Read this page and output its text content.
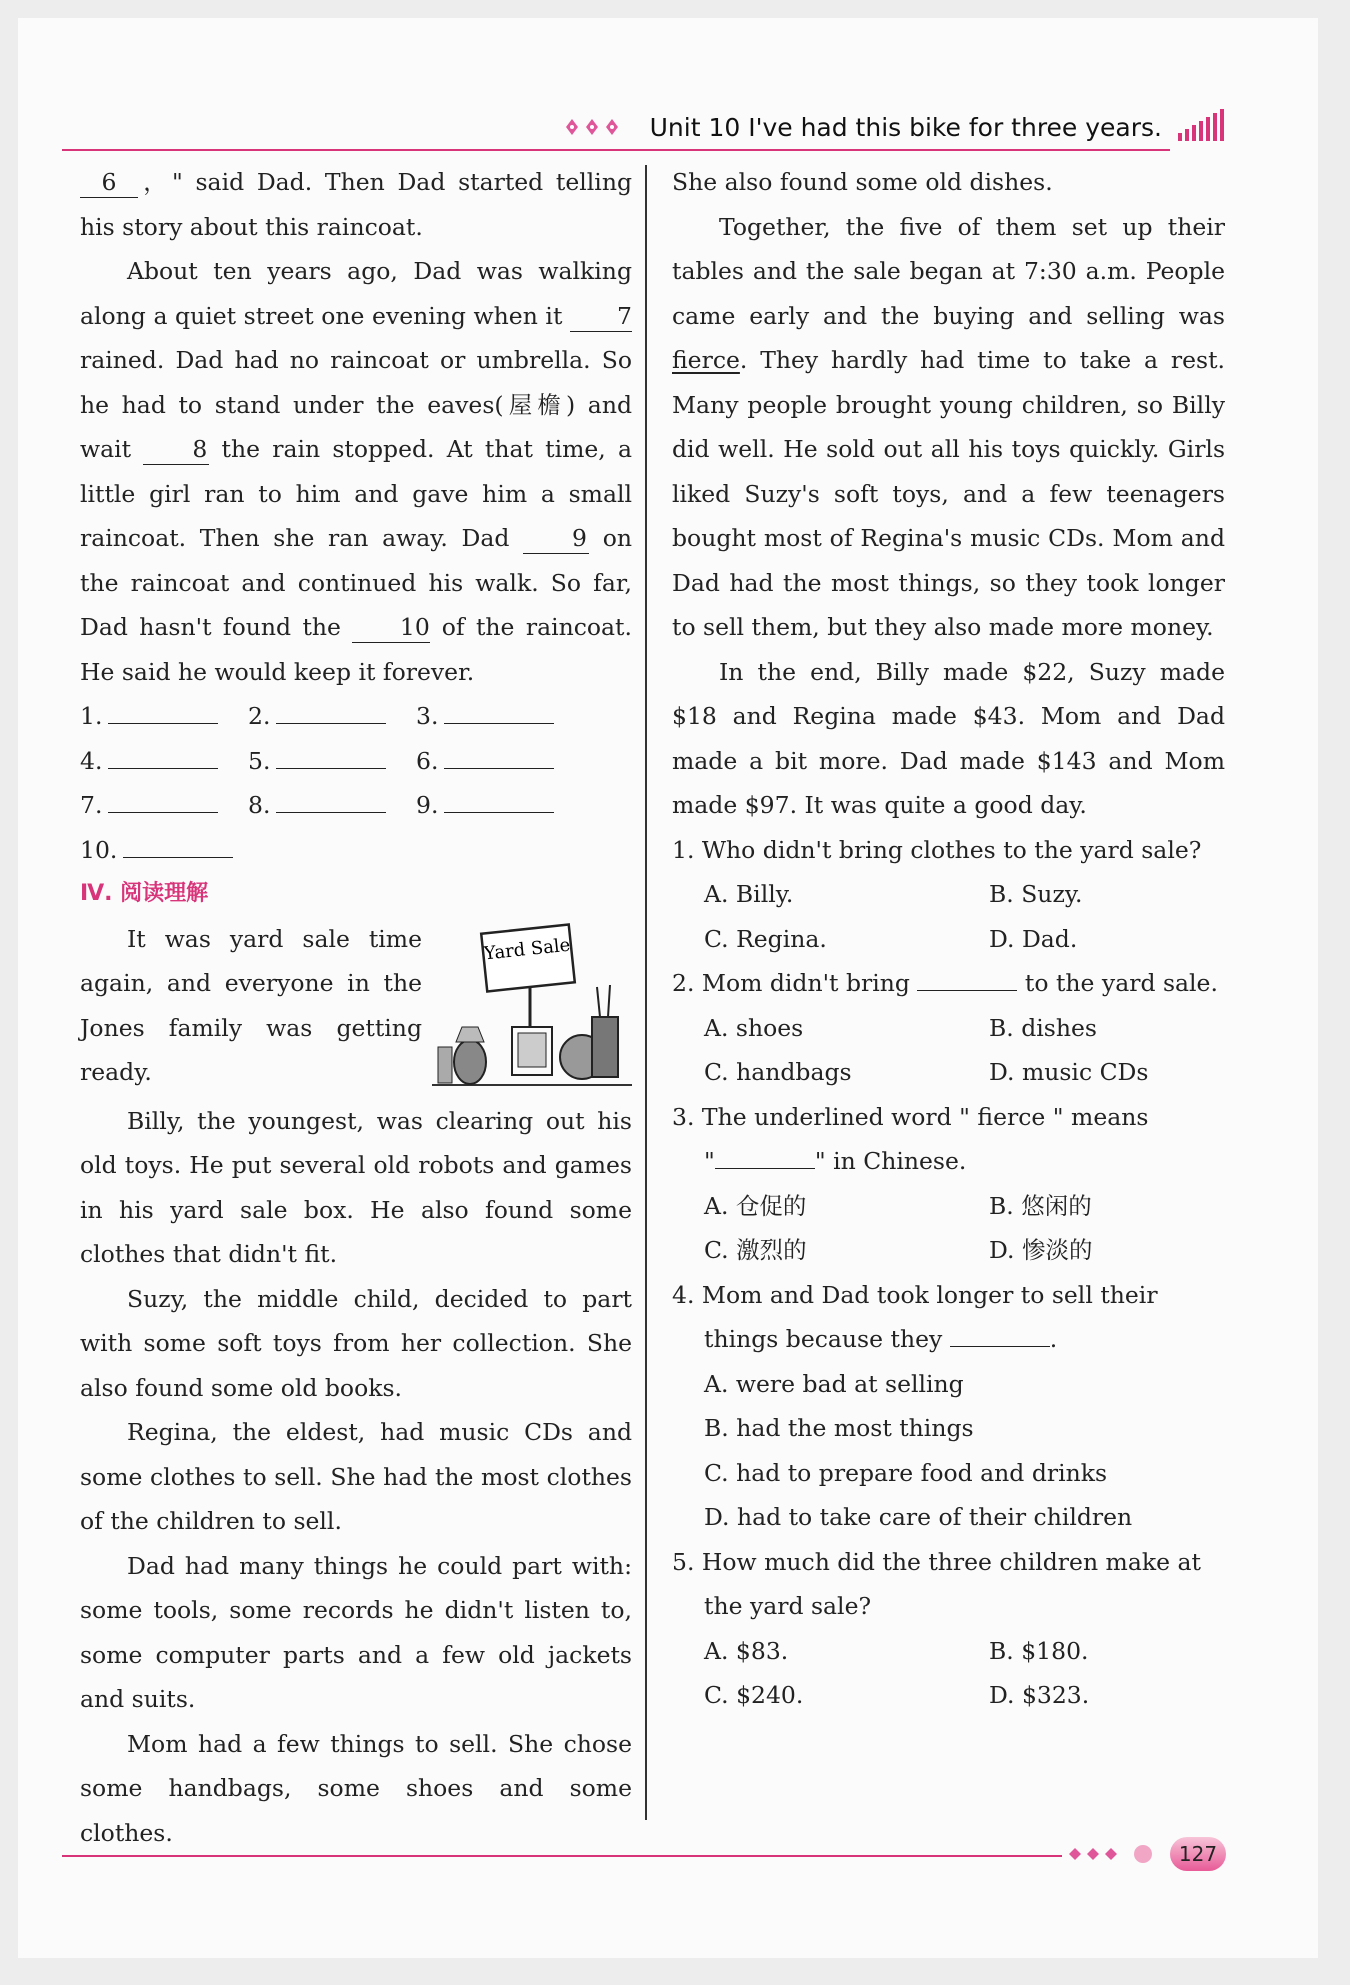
Unit 10 I've had this bike for three years.

6 ，" said Dad. Then Dad started telling his story about this raincoat.

About ten years ago, Dad was walking along a quiet street one evening when it 7 rained. Dad had no raincoat or umbrella. So he had to stand under the eaves(屋檐) and wait	8 the rain stopped. At that time, a little girl ran to him and gave him a small raincoat. Then she ran away. Dad	9 on the raincoat and continued his walk. So far, Dad hasn't found the	10 of the raincoat. He said he would keep it forever.

1.	2.	3.
4.	5.	6.
7.	8.	9.
10.
Ⅳ. 阅读理解
Yard Sale

It was yard sale time again, and everyone in the Jones family was getting ready.

Billy, the youngest, was clearing out his old toys. He put several old robots and games in his yard sale box. He also found some clothes that didn't fit.

Suzy, the middle child, decided to part with some soft toys from her collection. She also found some old books.

Regina, the eldest, had music CDs and some clothes to sell. She had the most clothes of the children to sell.

Dad had many things he could part with: some tools, some records he didn't listen to, some computer parts and a few old jackets and suits.

Mom had a few things to sell. She chose some handbags, some shoes and some clothes.

She also found some old dishes.

Together, the five of them set up their tables and the sale began at 7:30 a.m. People came early and the buying and selling was fierce. They hardly had time to take a rest. Many people brought young children, so Billy did well. He sold out all his toys quickly. Girls liked Suzy's soft toys, and a few teenagers bought most of Regina's music CDs. Mom and Dad had the most things, so they took longer to sell them, but they also made more money.

In the end, Billy made $22, Suzy made $18 and Regina made $43. Mom and Dad made a bit more. Dad made $143 and Mom made $97. It was quite a good day.

1. Who didn't bring clothes to the yard sale?
A. Billy.	B. Suzy.
C. Regina.	D. Dad.
2. Mom didn't bring	to the yard sale.
A. shoes	B. dishes
C. handbags	D. music CDs
3. The underlined word " fierce " means
"	" in Chinese.
A. 仓促的	B. 悠闲的
C. 激烈的	D. 惨淡的
4. Mom and Dad took longer to sell their things because they	.
A. were bad at selling
B. had the most things
C. had to prepare food and drinks
D. had to take care of their children
5. How much did the three children make at the yard sale?
A. $83.	B. $180.
C. $240.	D. $323.
127
